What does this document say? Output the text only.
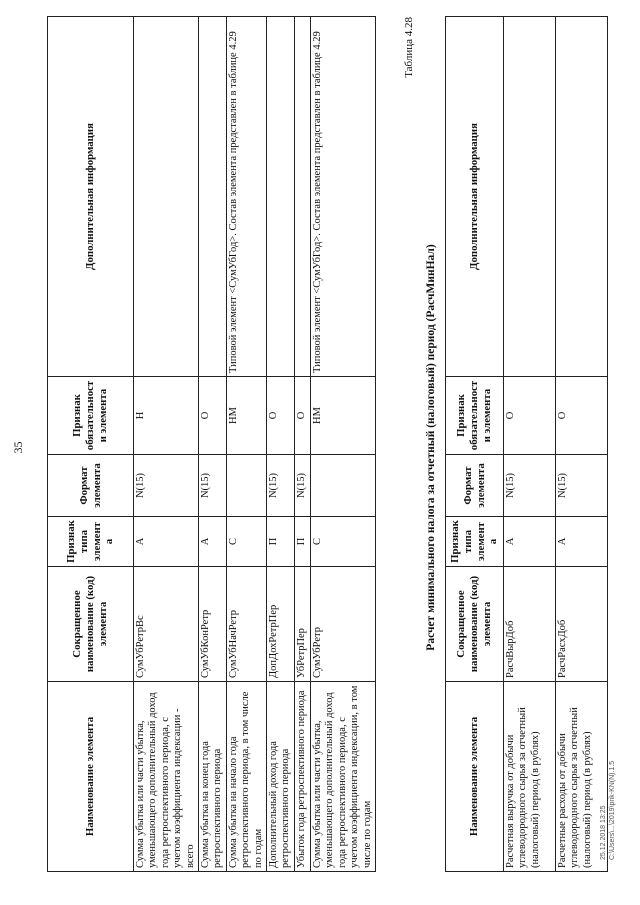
35
Наименование элемента	Сокращенное наименование (код) элемента	Признак типа элемента	Формат элемента	Признак обязательности элемента	Дополнительная информация
Сумма убытка или части убытка, уменьшающего дополнительный доход года ретроспективного периода, с учетом коэффициента индексации - всего	СумУбРетрВс	А	N(15)	Н	
Сумма убытка на конец года ретроспективного периода	СумУбКонРетр	А	N(15)	О	
Сумма убытка на начало года ретроспективного периода, в том числе по годам	СумУбНачРетр	С		НМ	Типовой элемент <СумУбГод>. Состав элемента представлен в таблице 4.29
Дополнительный доход года ретроспективного периода	ДопДохРетрПер	П	N(15)	О	
Убыток года ретроспективного периода	УбРетрПер	П	N(15)	О	
Сумма убытка или части убытка, уменьшающего дополнительный доход года ретроспективного периода, с учетом коэффициента индексации, в том числе по годам	СумУбРетр	С		НМ	Типовой элемент <СумУбГод>. Состав элемента представлен в таблице 4.29	Таблица 4.28
Расчет минимального налога за отчетный (налоговый) период (РасчМинНал)
Наименование элемента	Сокращенное наименование (код) элемента	Признак типа элемента	Формат элемента	Признак обязательности элемента	Дополнительная информация
Расчетная выручка от добычи углеводородного сырья за отчетный (налоговый) период (в рублях)	РасчВырДоб	А	N(15)	О	
Расчетные расходы от добычи углеводородного сырья за отчетный (налоговый) период (в рублях)	РасчРасхДоб	А	N(15)	О	
25.12.2018 13:25 C:\Users\...\2019\prik-KN(N).1.5
